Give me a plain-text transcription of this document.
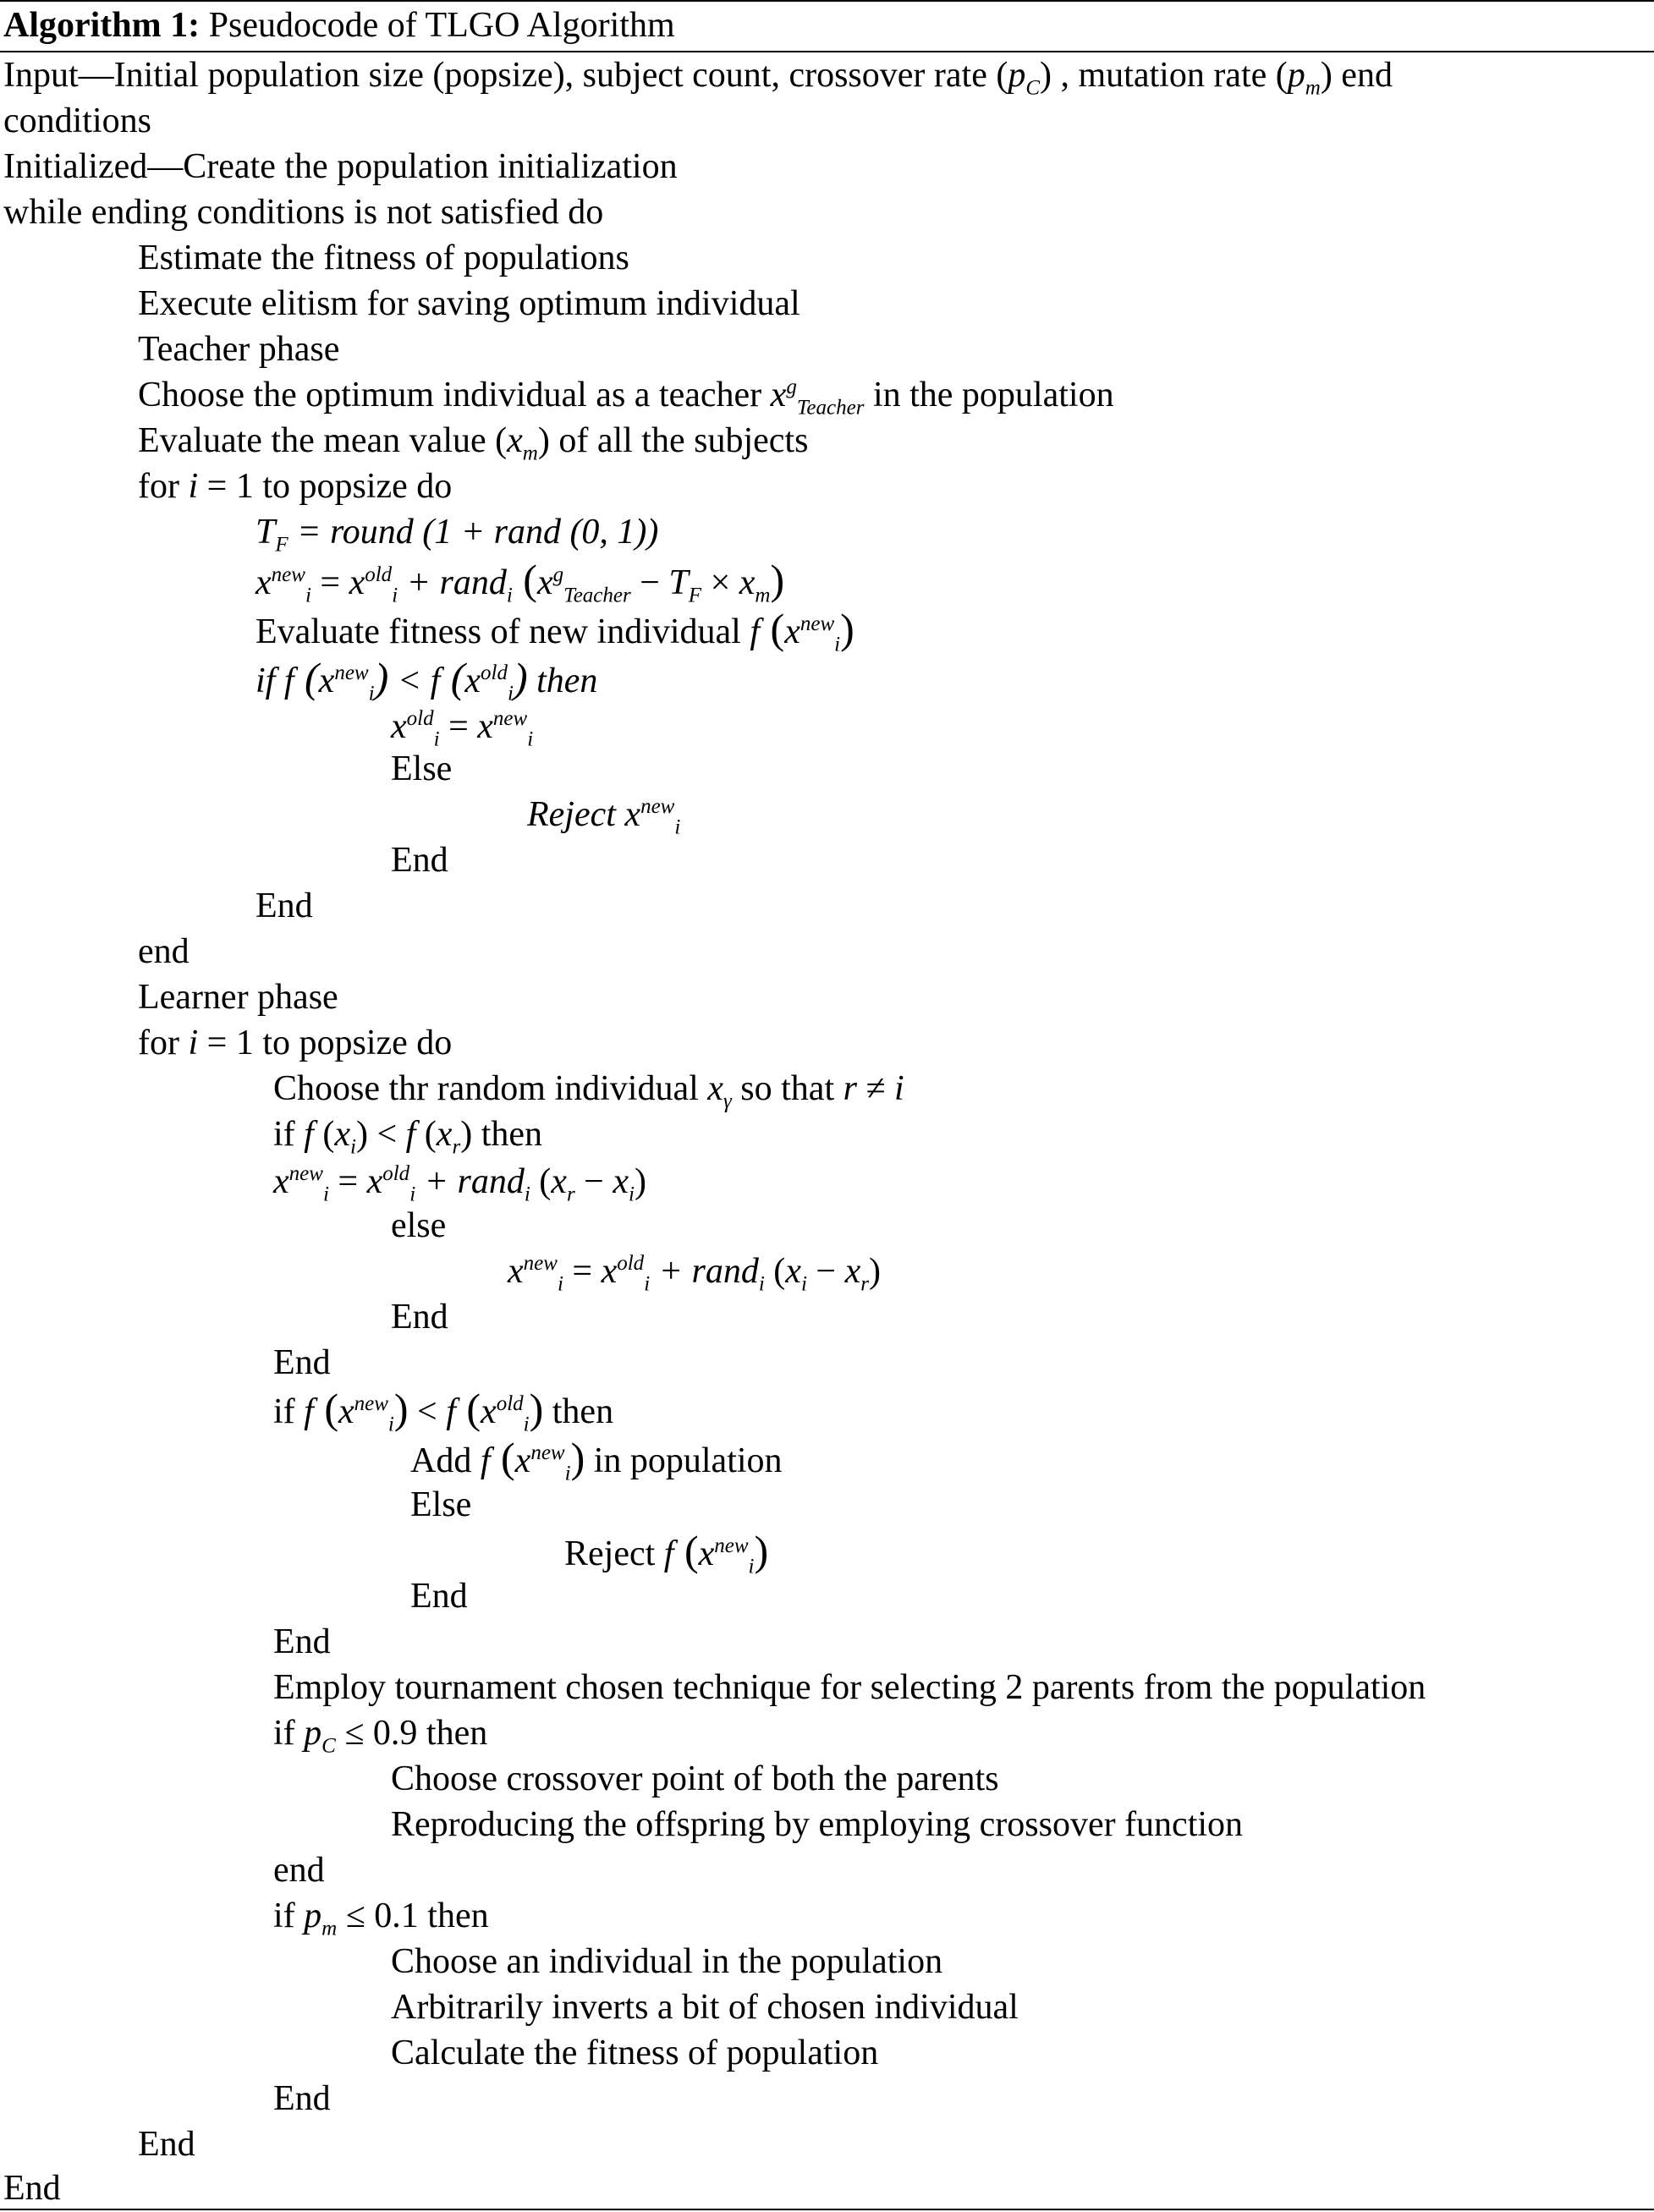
Algorithm 1: Pseudocode of TLGO Algorithm
Input—Initial population size (popsize), subject count, crossover rate $(p_C)$ , mutation rate $(p_m)$ end
conditions
Initialized—Create the population initialization
while ending conditions is not satisfied do
Estimate the fitness of populations
Execute elitism for saving optimum individual
Teacher phase
Choose the optimum individual as a teacher $x^g_{Teacher}$ in the population
Evaluate the mean value $(x_m)$ of all the subjects
for i = 1 to popsize do
$T_F$ = round (1 + rand (0, 1))
$x^{new}_i = x^{old}_i$ + rand$_i$ $(x^g_{Teacher} - T_F \times x_m)$
Evaluate fitness of new individual f $(x^{new}_i)$
if f $(x^{new}_i) < f$ $(x^{old}_i)$ then
$x^{old}_i = x^{new}_i$
Else
Reject $x^{new}_i$
End
End
end
Learner phase
for i = 1 to popsize do
Choose thr random individual $x_\gamma$ so that r ≠ i
if f $(x_i) < f$ $(x_r)$ then
$x^{new}_i = x^{old}_i$ + rand$_i$ $(x_r - x_i)$
else
$x^{new}_i = x^{old}_i$ + rand$_i$ $(x_i - x_r)$
End
End
if f $(x^{new}_i) < f$ $(x^{old}_i)$ then
Add f $(x^{new}_i)$ in population
Else
Reject f $(x^{new}_i)$
End
End
Employ tournament chosen technique for selecting 2 parents from the population
if $p_C \le 0.9$ then
Choose crossover point of both the parents
Reproducing the offspring by employing crossover function
end
if $p_m \le 0.1$ then
Choose an individual in the population
Arbitrarily inverts a bit of chosen individual
Calculate the fitness of population
End
End
End
